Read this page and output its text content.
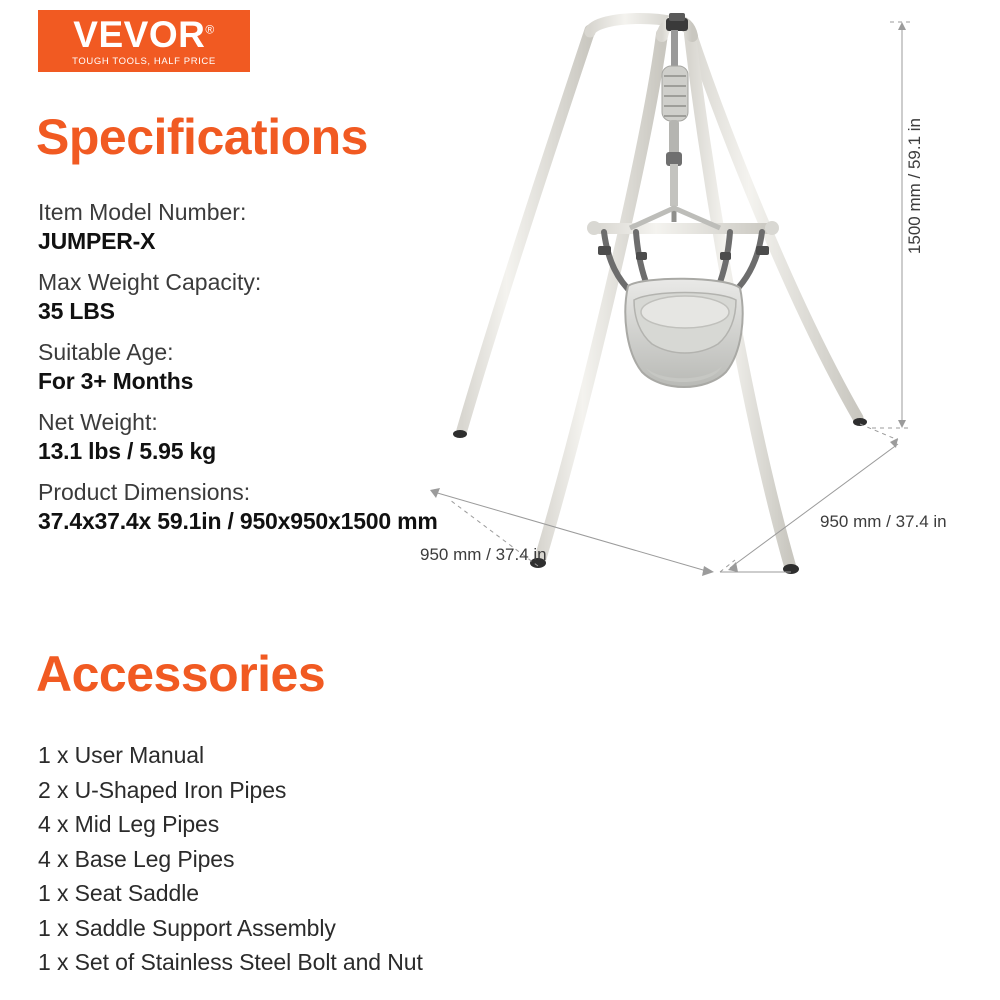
VEVOR®
TOUGH TOOLS, HALF PRICE
Specifications
Item Model Number:
JUMPER-X
Max Weight Capacity:
35 LBS
Suitable Age:
For 3+ Months
Net Weight:
13.1 lbs / 5.95 kg
Product Dimensions:
37.4x37.4x 59.1in / 950x950x1500 mm
Accessories
1 x User Manual
2 x U-Shaped Iron Pipes
4 x Mid Leg Pipes
4 x Base Leg Pipes
1 x Seat Saddle
1 x Saddle Support Assembly
1 x Set of Stainless Steel Bolt and Nut
1500 mm / 59.1 in
950 mm / 37.4 in
950 mm / 37.4 in
